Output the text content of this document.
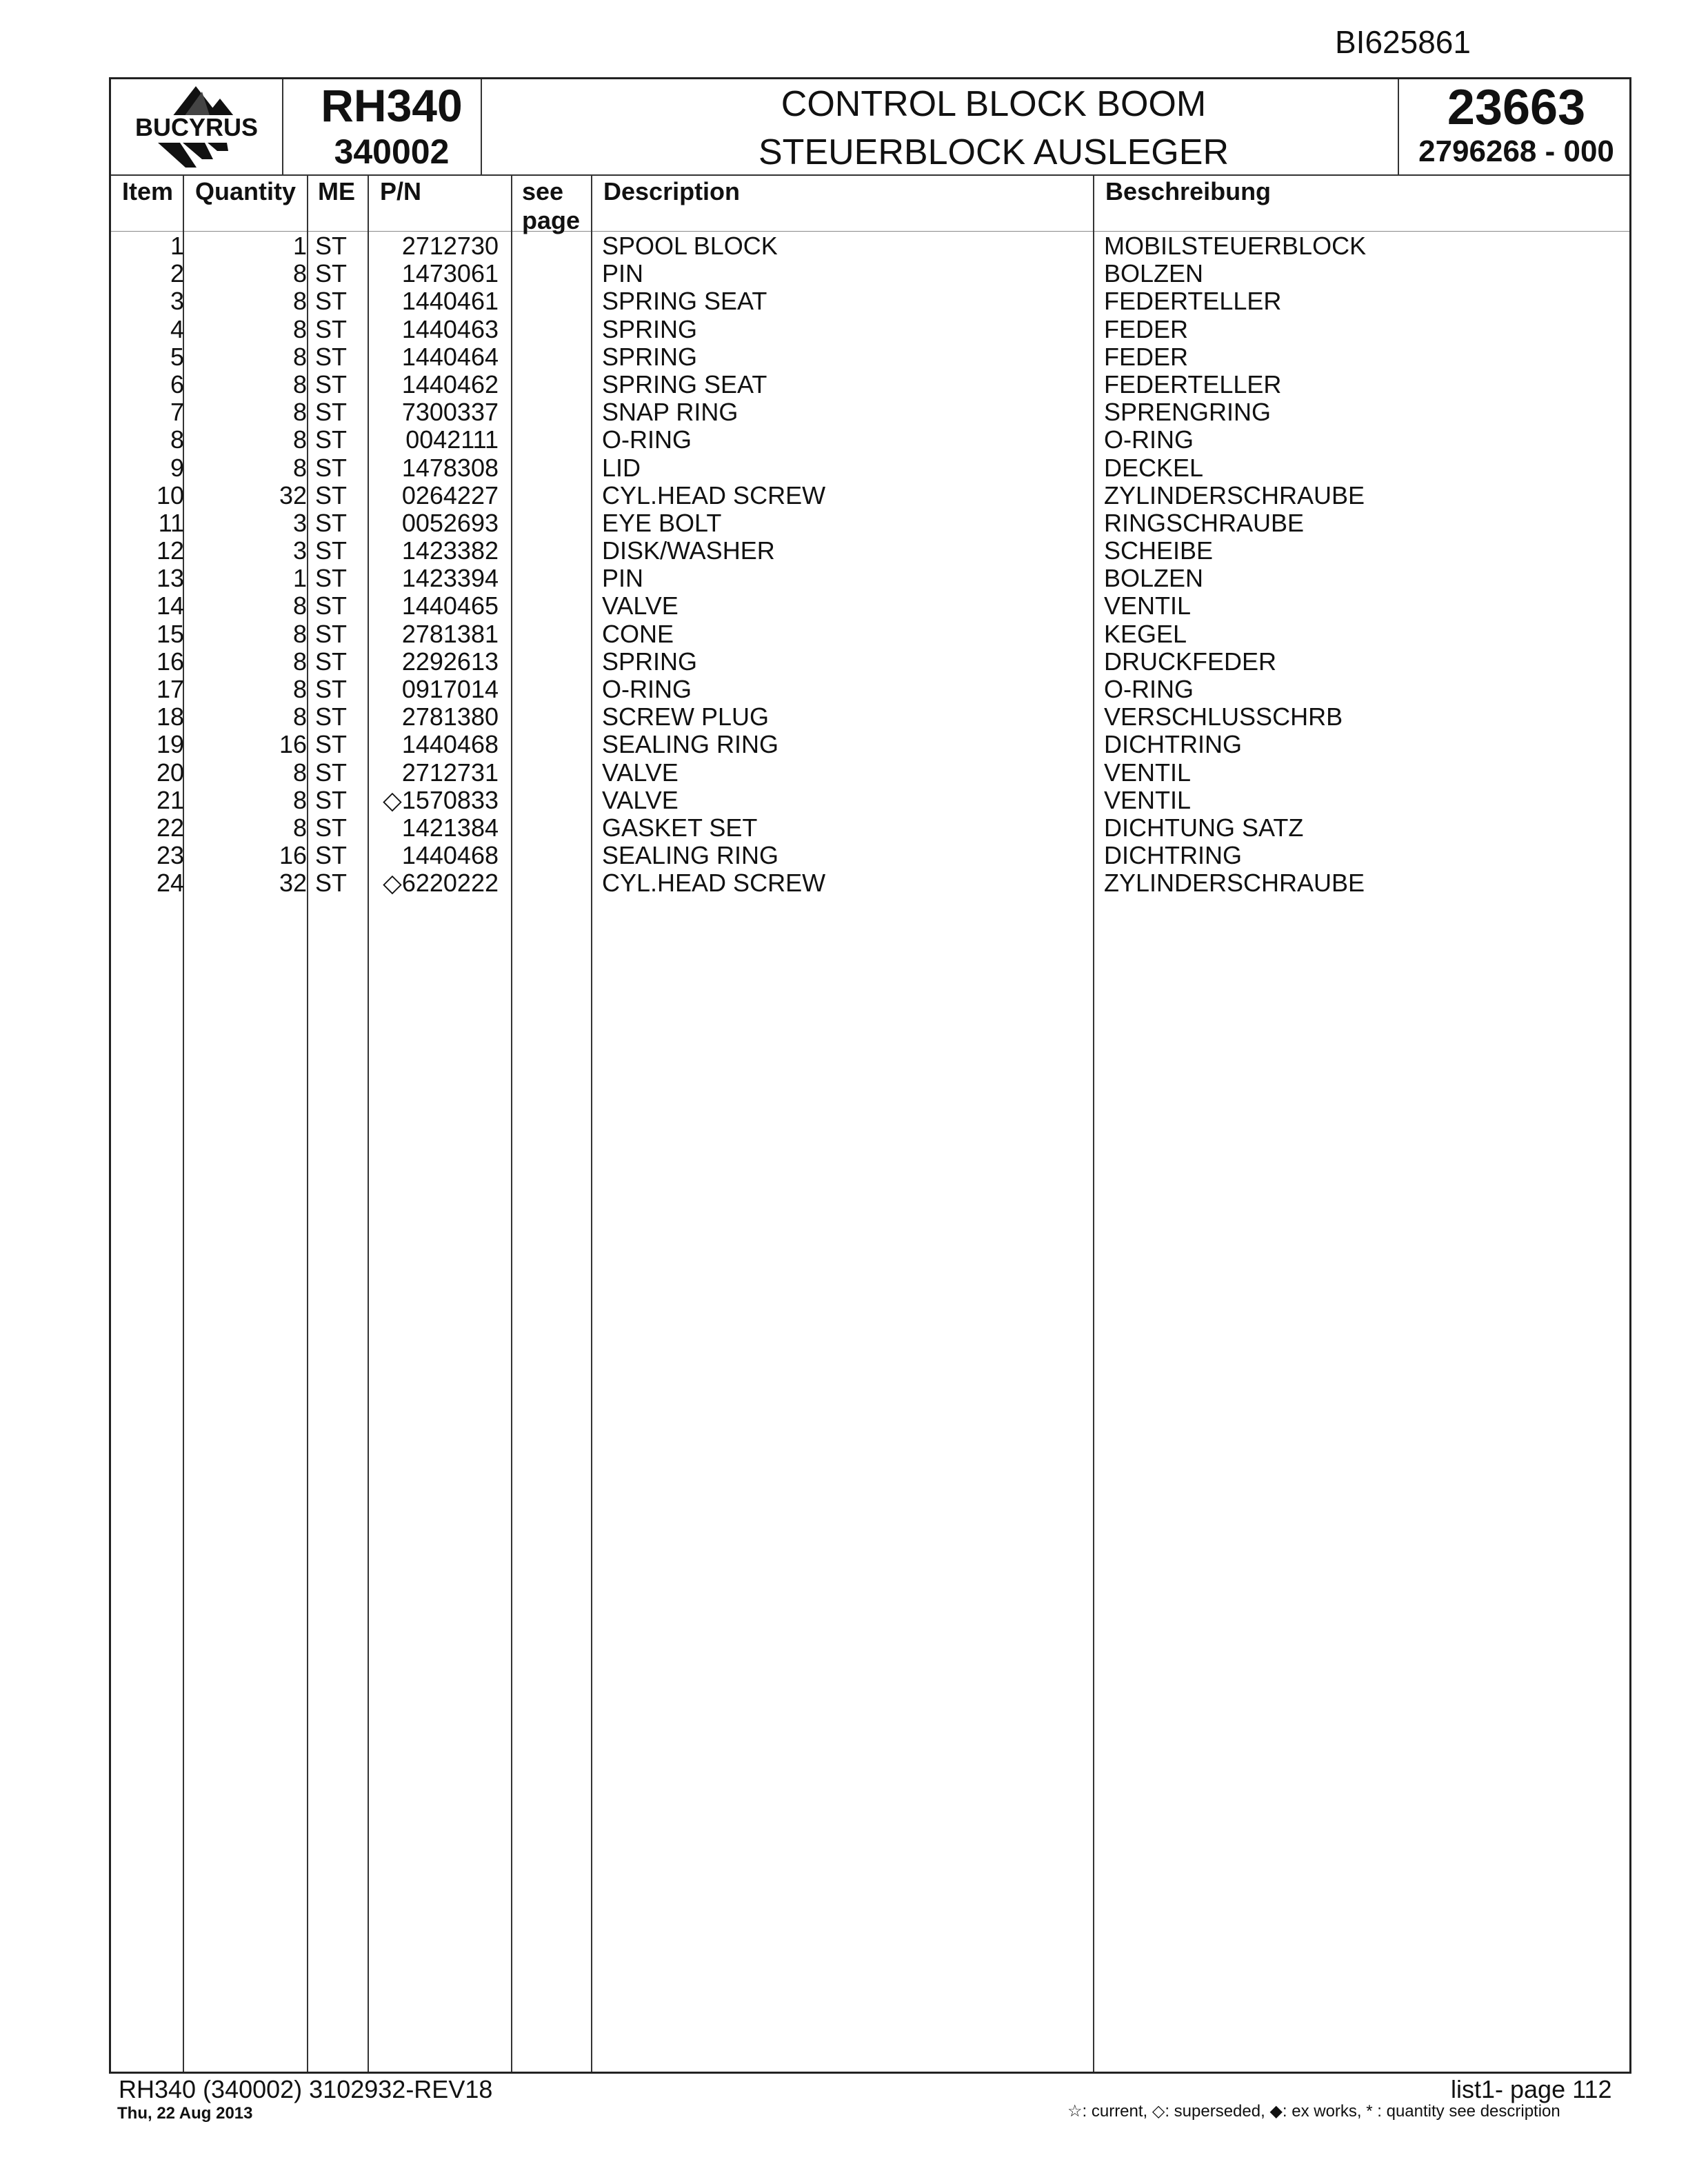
BI625861
BUCYRUS	RH340
340002
CONTROL BLOCK BOOM
STEUERBLOCK AUSLEGER
23663
2796268 - 000
Item Quantity ME P/N	see page
Description	Beschreibung
1	1 ST 2712730	SPOOL BLOCK	MOBILSTEUERBLOCK
2	8 ST 1473061	PIN	BOLZEN
3	8 ST 1440461	SPRING SEAT	FEDERTELLER
4	8 ST 1440463	SPRING	FEDER
5	8 ST 1440464	SPRING	FEDER
6	8 ST 1440462	SPRING SEAT	FEDERTELLER
7	8 ST 7300337	SNAP RING	SPRENGRING
8	8 ST 0042111	O-RING	O-RING
9	8 ST 1478308	LID	DECKEL
10	32 ST 0264227	CYL.HEAD SCREW	ZYLINDERSCHRAUBE
11	3 ST 0052693	EYE BOLT	RINGSCHRAUBE
12	3 ST 1423382	DISK/WASHER	SCHEIBE
13	1 ST 1423394	PIN	BOLZEN
14	8 ST 1440465	VALVE	VENTIL
15	8 ST 2781381	CONE	KEGEL
16	8 ST 2292613	SPRING	DRUCKFEDER
17	8 ST 0917014	O-RING	O-RING
18	8 ST 2781380	SCREW PLUG	VERSCHLUSSCHRB
19	16 ST 1440468	SEALING RING	DICHTRING
20	8 ST 2712731	VALVE	VENTIL
21	8 ST ◇1570833	VALVE	VENTIL
22	8 ST 1421384	GASKET SET	DICHTUNG SATZ
23	16 ST 1440468	SEALING RING	DICHTRING
24	32 ST ◇6220222	CYL.HEAD SCREW	ZYLINDERSCHRAUBE
RH340 (340002) 3102932-REV18
Thu, 22 Aug 2013
list1- page 112
☆: current, ◇: superseded, ◆: ex works, * : quantity see description
